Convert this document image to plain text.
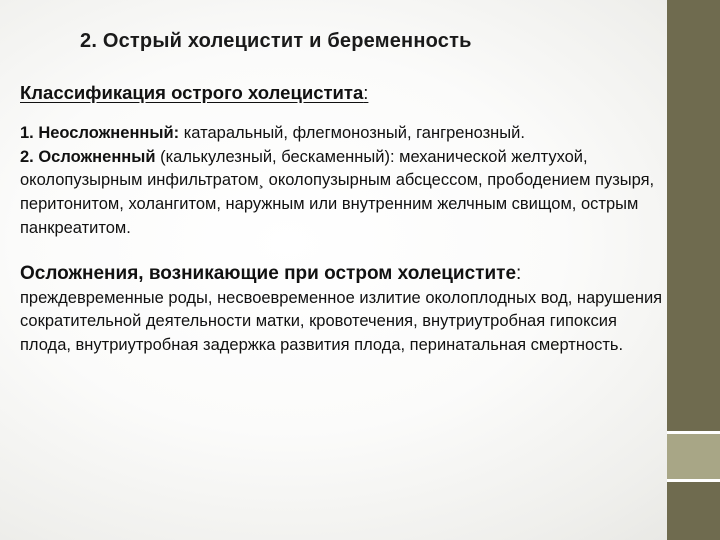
2. Острый холецистит и беременность

Классификация острого холецистита:

1. Неосложненный: катаральный, флегмонозный, гангренозный.

2. Осложненный (калькулезный, бескаменный): механической желтухой, околопузырным инфильтратом¸ околопузырным абсцессом, прободением пузыря, перитонитом, холангитом, наружным или внутренним желчным свищом, острым панкреатитом.

Осложнения, возникающие при остром холецистите:

преждевременные роды, несвоевременное излитие околоплодных вод, нарушения сократительной деятельности матки, кровотечения, внутриутробная гипоксия плода, внутриутробная задержка развития плода, перинатальная смертность.
